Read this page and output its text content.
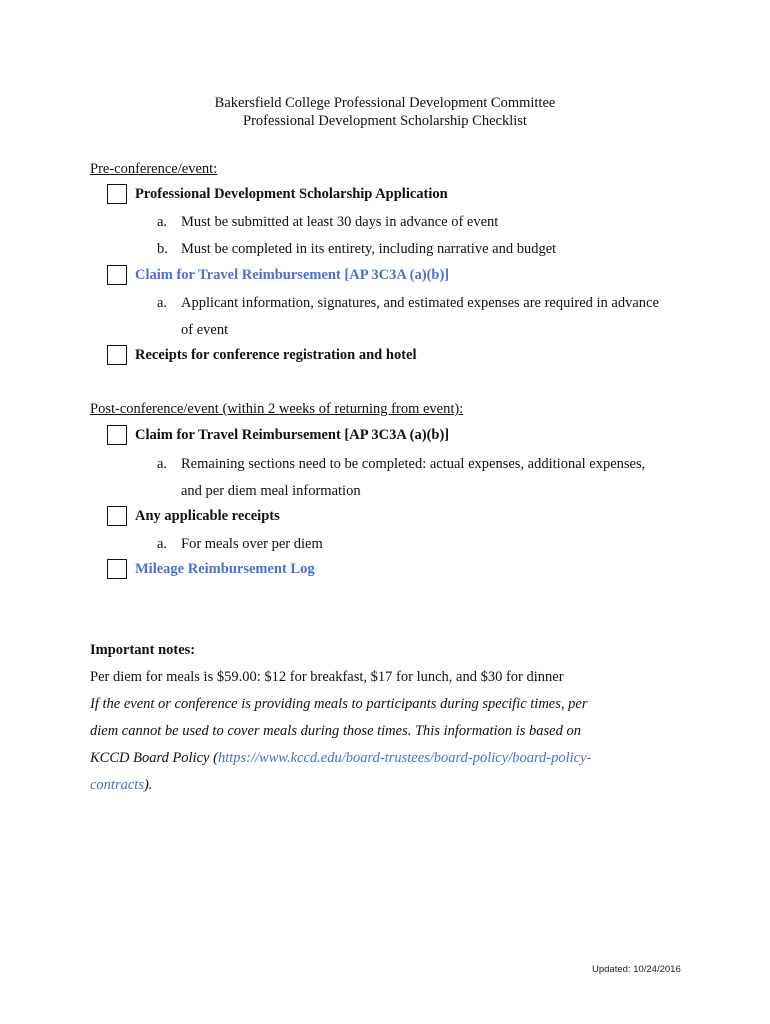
Bakersfield College Professional Development Committee
Professional Development Scholarship Checklist
Pre-conference/event:
Professional Development Scholarship Application
a. Must be submitted at least 30 days in advance of event
b. Must be completed in its entirety, including narrative and budget
Claim for Travel Reimbursement [AP 3C3A (a)(b)]
a. Applicant information, signatures, and estimated expenses are required in advance
of event
Receipts for conference registration and hotel
Post-conference/event (within 2 weeks of returning from event):
Claim for Travel Reimbursement [AP 3C3A (a)(b)]
a. Remaining sections need to be completed: actual expenses, additional expenses,
and per diem meal information
Any applicable receipts
a. For meals over per diem
Mileage Reimbursement Log
Important notes:
Per diem for meals is $59.00: $12 for breakfast, $17 for lunch, and $30 for dinner
If the event or conference is providing meals to participants during specific times, per
diem cannot be used to cover meals during those times. This information is based on
KCCD Board Policy (https://www.kccd.edu/board-trustees/board-policy/board-policy-
contracts).
Updated: 10/24/2016
